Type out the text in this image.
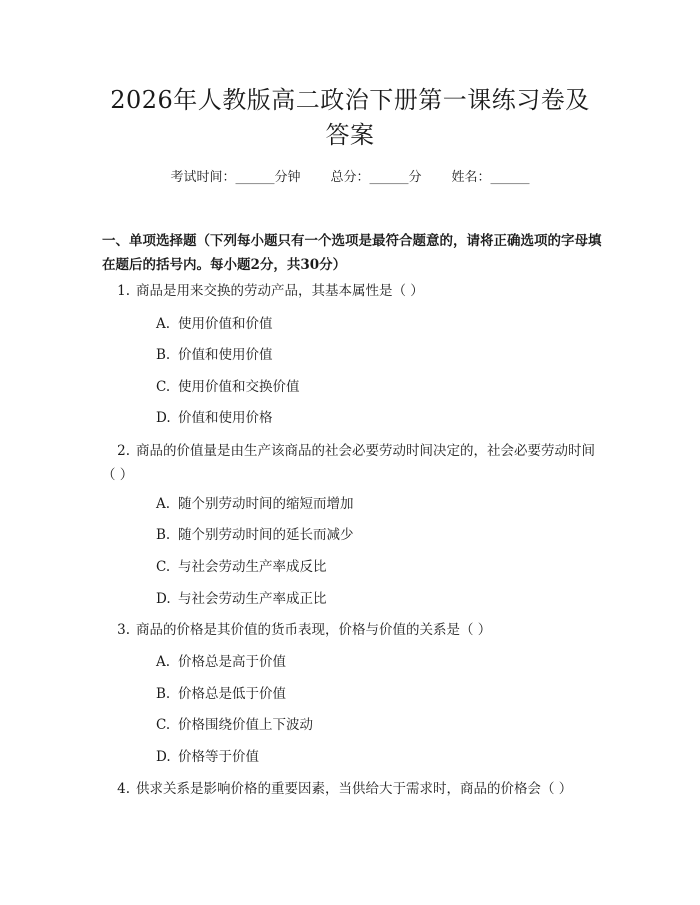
2026年人教版高二政治下册第一课练习卷及
答案
考试时间：______分钟 总分：______分 姓名：______

一、单项选择题（下列每小题只有一个选项是最符合题意的，请将正确选项的字母填在题后的括号内。每小题2分，共30分）

1. 商品是用来交换的劳动产品，其基本属性是（ ）

A. 使用价值和价值

B. 价值和使用价值

C. 使用价值和交换价值

D. 价值和使用价格

2. 商品的价值量是由生产该商品的社会必要劳动时间决定的，社会必要劳动时间（ ）

A. 随个别劳动时间的缩短而增加

B. 随个别劳动时间的延长而减少

C. 与社会劳动生产率成反比

D. 与社会劳动生产率成正比

3. 商品的价格是其价值的货币表现，价格与价值的关系是（ ）

A. 价格总是高于价值

B. 价格总是低于价值

C. 价格围绕价值上下波动

D. 价格等于价值

4. 供求关系是影响价格的重要因素，当供给大于需求时，商品的价格会（ ）
